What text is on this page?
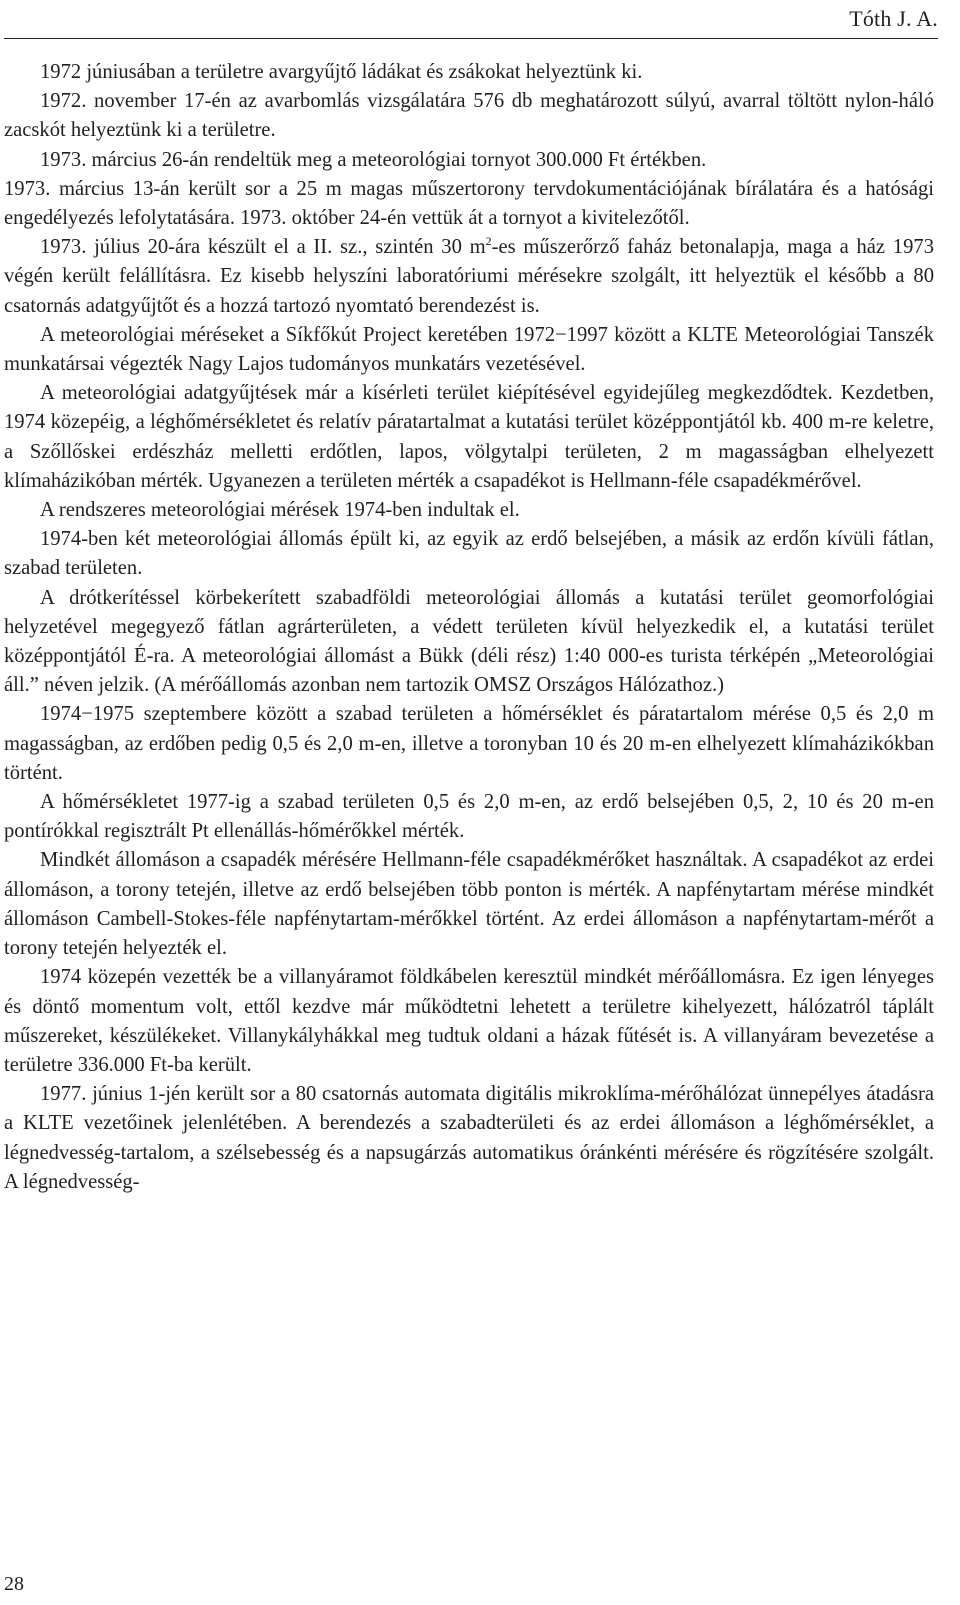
Tóth J. A.

1972 júniusában a területre avargyűjtő ládákat és zsákokat helyeztünk ki.

1972. november 17-én az avarbomlás vizsgálatára 576 db meghatározott súlyú, avarral töltött nylon-háló zacskót helyeztünk ki a területre.

1973. március 26-án rendeltük meg a meteorológiai tornyot 300.000 Ft értékben.

1973. március 13-án került sor a 25 m magas műszertorony tervdokumentációjának bírálatára és a hatósági engedélyezés lefolytatására. 1973. október 24-én vettük át a tornyot a kivitelezőtől.

1973. július 20-ára készült el a II. sz., szintén 30 $m^2-es$ műszerőrző faház betonalapja, maga a ház 1973 végén került felállításra. Ez kisebb helyszíni laboratóriumi mérésekre szolgált, itt helyeztük el később a 80 csatornás adatgyűjtőt és a hozzá tartozó nyomtató berendezést is.

A meteorológiai méréseket a Síkfőkút Project keretében 1972−1997 között a KLTE Meteorológiai Tanszék munkatársai végezték Nagy Lajos tudományos munkatárs vezetésével.

A meteorológiai adatgyűjtések már a kísérleti terület kiépítésével egyidejűleg megkezdődtek. Kezdetben, 1974 közepéig, a léghőmérsékletet és relatív páratartalmat a kutatási terület középpontjától kb. 400 m-re keletre, a Szőllőskei erdészház melletti erdőtlen, lapos, völgytalpi területen, 2 m magasságban elhelyezett klímaházikóban mérték. Ugyanezen a területen mérték a csapadékot is Hellmann-féle csapadékmérővel.

A rendszeres meteorológiai mérések 1974-ben indultak el.

1974-ben két meteorológiai állomás épült ki, az egyik az erdő belsejében, a másik az erdőn kívüli fátlan, szabad területen.

A drótkerítéssel körbekerített szabadföldi meteorológiai állomás a kutatási terület geomorfológiai helyzetével megegyező fátlan agrárterületen, a védett területen kívül helyezkedik el, a kutatási terület középpontjától É-ra. A meteorológiai állomást a Bükk (déli rész) 1:40 000-es turista térképén „Meteorológiai áll.” néven jelzik. (A mérőállomás azonban nem tartozik OMSZ Országos Hálózathoz.)

1974−1975 szeptembere között a szabad területen a hőmérséklet és páratartalom mérése 0,5 és 2,0 m magasságban, az erdőben pedig 0,5 és 2,0 m-en, illetve a toronyban 10 és 20 m-en elhelyezett klímaházikókban történt.

A hőmérsékletet 1977-ig a szabad területen 0,5 és 2,0 m-en, az erdő belsejében 0,5, 2, 10 és 20 m-en pontírókkal regisztrált Pt ellenállás-hőmérőkkel mérték.

Mindkét állomáson a csapadék mérésére Hellmann-féle csapadékmérőket használtak. A csapadékot az erdei állomáson, a torony tetején, illetve az erdő belsejében több ponton is mérték. A napfénytartam mérése mindkét állomáson Cambell-Stokes-féle napfénytartam-mérőkkel történt. Az erdei állomáson a napfénytartam-mérőt a torony tetején helyezték el.

1974 közepén vezették be a villanyáramot földkábelen keresztül mindkét mérőállomásra. Ez igen lényeges és döntő momentum volt, ettől kezdve már működtetni lehetett a területre kihelyezett, hálózatról táplált műszereket, készülékeket. Villanykályhákkal meg tudtuk oldani a házak fűtését is. A villanyáram bevezetése a területre 336.000 Ft-ba került.

1977. június 1-jén került sor a 80 csatornás automata digitális mikroklíma-mérőhálózat ünnepélyes átadásra a KLTE vezetőinek jelenlétében. A berendezés a szabadterületi és az erdei állomáson a léghőmérséklet, a légnedvesség-tartalom, a szélsebesség és a napsugárzás automatikus óránkénti mérésére és rögzítésére szolgált. A légnedvesség-

28
